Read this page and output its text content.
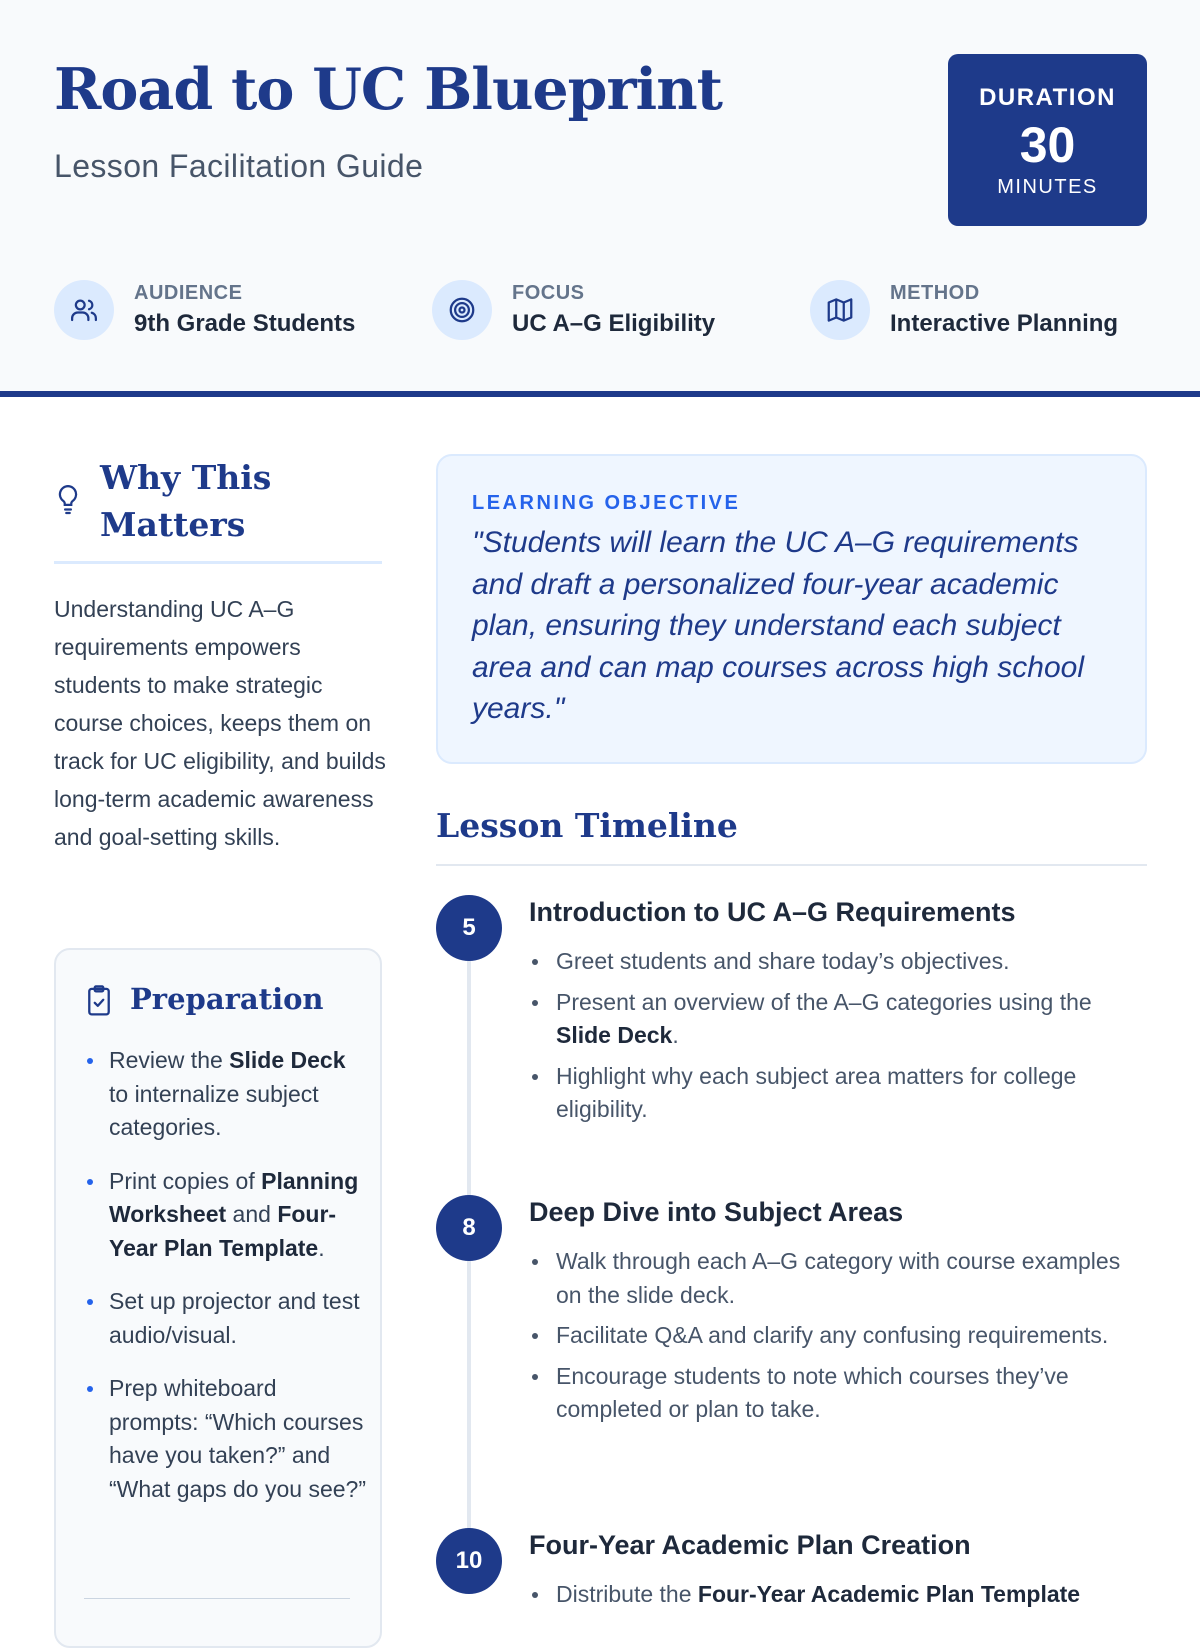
Road to UC Blueprint
Lesson Facilitation Guide
DURATION
30
MINUTES
AUDIENCE
9th Grade Students
FOCUS
UC A–G Eligibility
METHOD
Interactive Planning
Why This Matters
Understanding UC A–G requirements empowers students to make strategic course choices, keeps them on track for UC eligibility, and builds long-term academic awareness and goal-setting skills.
Preparation
Review the Slide Deck to internalize subject categories.
Print copies of Planning Worksheet and Four-Year Plan Template.
Set up projector and test audio/visual.
Prep whiteboard prompts: “Which courses have you taken?” and “What gaps do you see?”
LEARNING OBJECTIVE
"Students will learn the UC A–G requirements and draft a personalized four-year academic plan, ensuring they understand each subject area and can map courses across high school years."
Lesson Timeline
5
Introduction to UC A–G Requirements
Greet students and share today’s objectives.
Present an overview of the A–G categories using the Slide Deck.
Highlight why each subject area matters for college eligibility.
8
Deep Dive into Subject Areas
Walk through each A–G category with course examples on the slide deck.
Facilitate Q&A and clarify any confusing requirements.
Encourage students to note which courses they’ve completed or plan to take.
10
Four-Year Academic Plan Creation
Distribute the Four-Year Academic Plan Template
